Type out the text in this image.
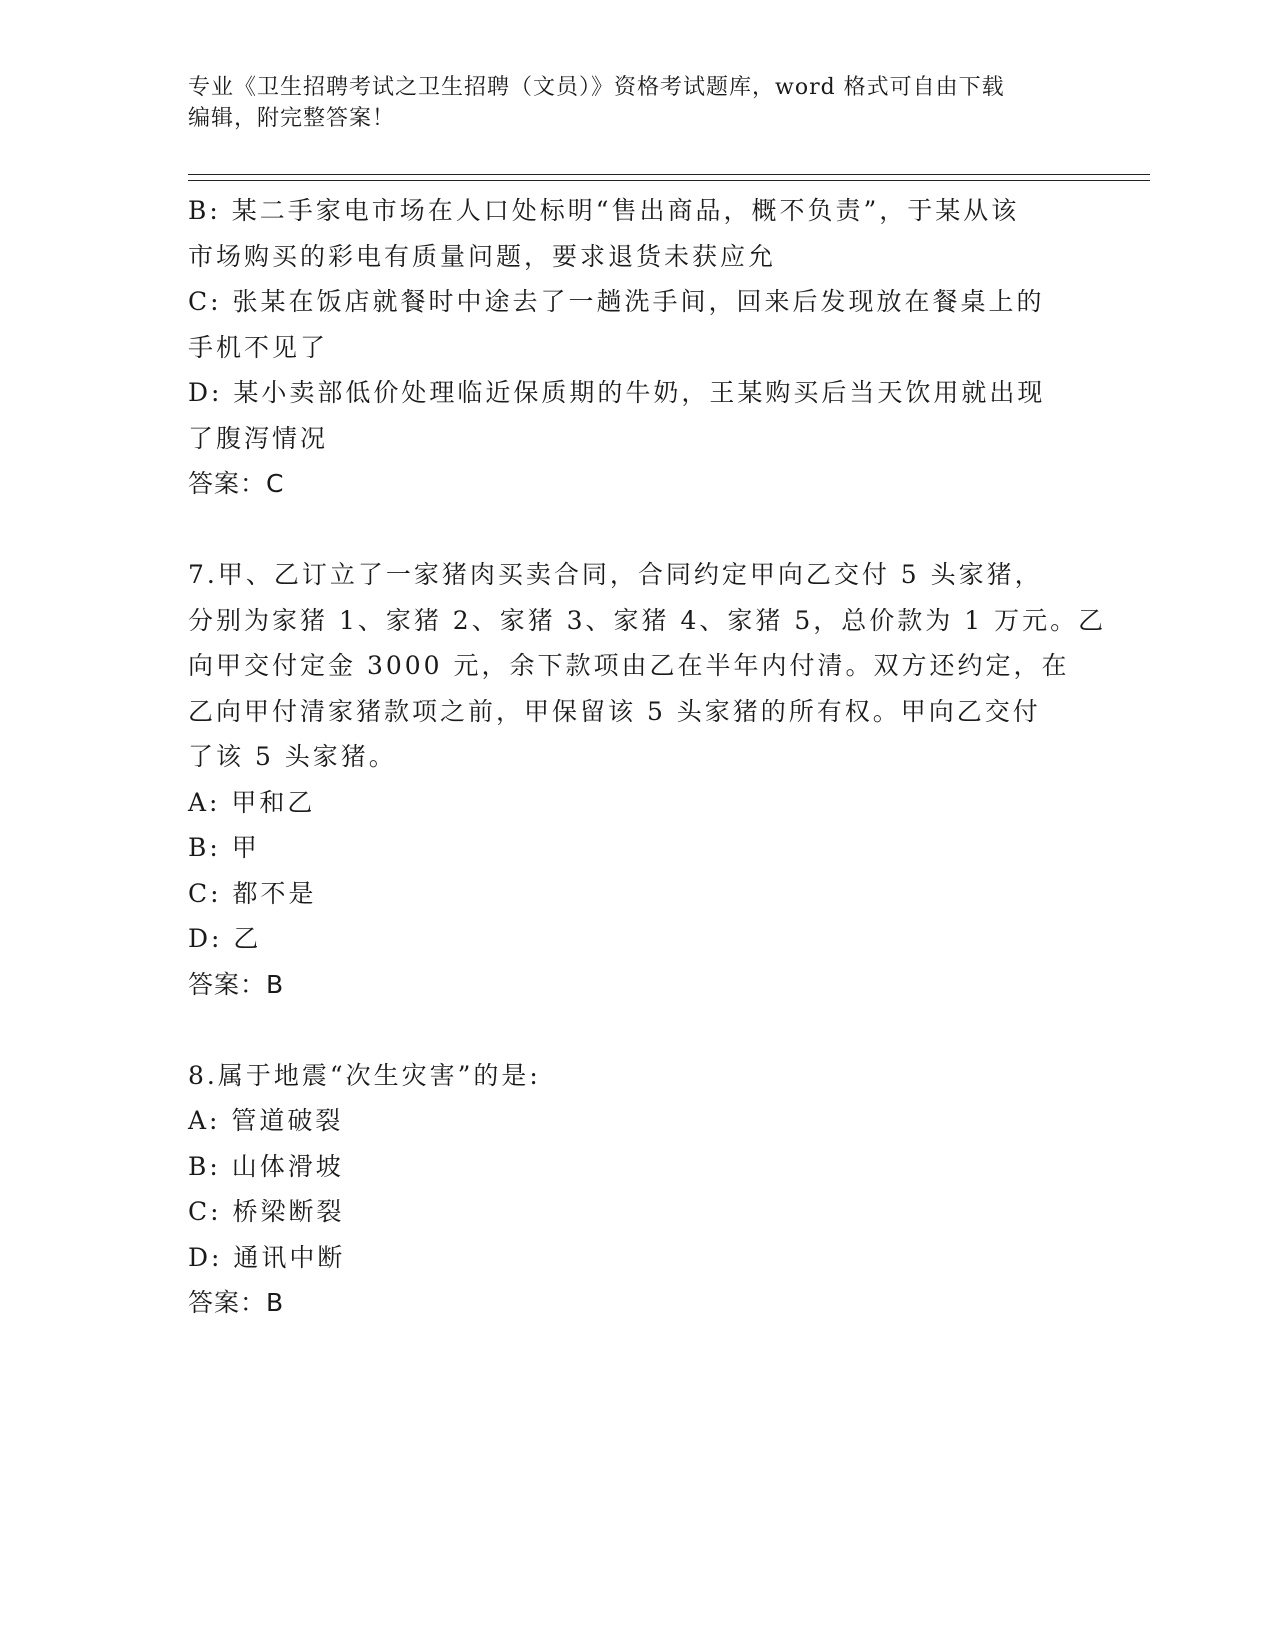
专业《卫生招聘考试之卫生招聘（文员）》资格考试题库，word 格式可自由下载
编辑，附完整答案！
B: 某二手家电市场在人口处标明“售出商品，概不负责”，于某从该
市场购买的彩电有质量问题，要求退货未获应允
C: 张某在饭店就餐时中途去了一趟洗手间，回来后发现放在餐桌上的
手机不见了
D: 某小卖部低价处理临近保质期的牛奶，王某购买后当天饮用就出现
了腹泻情况
答案：C
7.甲、乙订立了一家猪肉买卖合同，合同约定甲向乙交付 5 头家猪，
分别为家猪 1、家猪 2、家猪 3、家猪 4、家猪 5，总价款为 1 万元。乙
向甲交付定金 3000 元，余下款项由乙在半年内付清。双方还约定，在
乙向甲付清家猪款项之前，甲保留该 5 头家猪的所有权。甲向乙交付
了该 5 头家猪。
A: 甲和乙
B: 甲
C: 都不是
D: 乙
答案：B
8.属于地震“次生灾害”的是:
A: 管道破裂
B: 山体滑坡
C: 桥梁断裂
D: 通讯中断
答案：B
